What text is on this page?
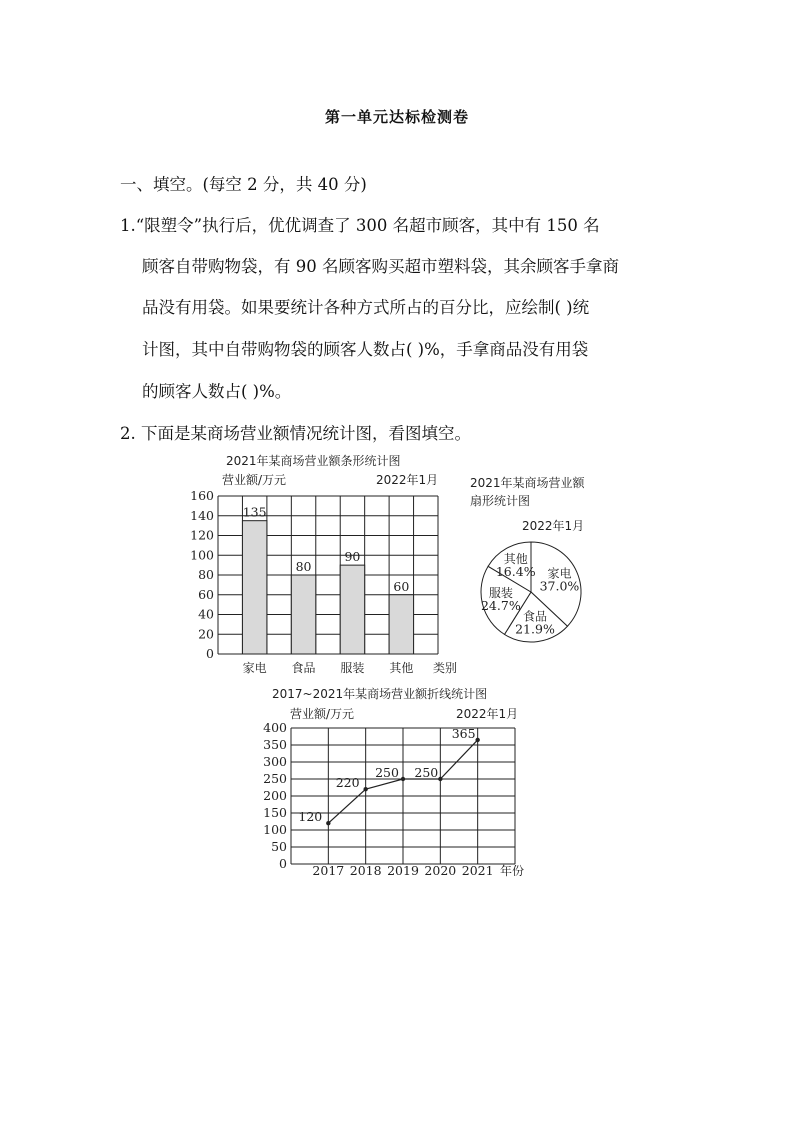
第一单元达标检测卷
一、填空。(每空 2 分，共 40 分)
1.“限塑令”执行后，优优调查了 300 名超市顾客，其中有 150 名
顾客自带购物袋，有 90 名顾客购买超市塑料袋，其余顾客手拿商
品没有用袋。如果要统计各种方式所占的百分比，应绘制( )统
计图，其中自带购物袋的顾客人数占( )%，手拿商品没有用袋
的顾客人数占( )%。
2. 下面是某商场营业额情况统计图，看图填空。
2021年某商场营业额条形统计图
营业额/万元	2022年1月
0
20
40
60
80
100
120
140
160
135
家电
80
食品
90
服装
60
其他 类别
2021年某商场营业额
扇形统计图
2022年1月
家电
37.0%
食品
21.9%
服装
24.7%
其他
16.4%
2017~2021年某商场营业额折线统计图
营业额/万元	2022年1月
0
50
100
150
200
250
300
350
400
120
2017
220
2018
250
2019
250
2020
365
2021 年份
